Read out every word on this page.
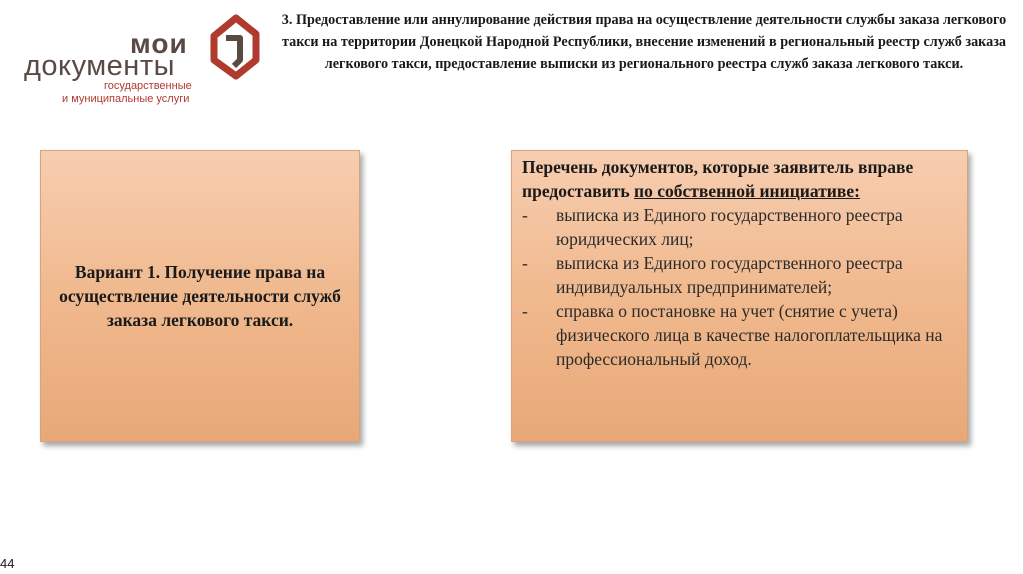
мои
документы
государственные
и муниципальные услуги
3. Предоставление или аннулирование действия права на осуществление деятельности службы заказа легкового такси на территории Донецкой Народной Республики, внесение изменений в региональный реестр служб заказа легкового такси, предоставление выписки из регионального реестра служб заказа легкового такси.
Вариант 1. Получение права на осуществление деятельности служб заказа легкового такси.
Перечень документов, которые заявитель вправе предоставить по собственной инициативе:
- выписка из Единого государственного реестра юридических лиц;
- выписка из Единого государственного реестра индивидуальных предпринимателей;
- справка о постановке на учет (снятие с учета) физического лица в качестве налогоплательщика на профессиональный доход.
44
